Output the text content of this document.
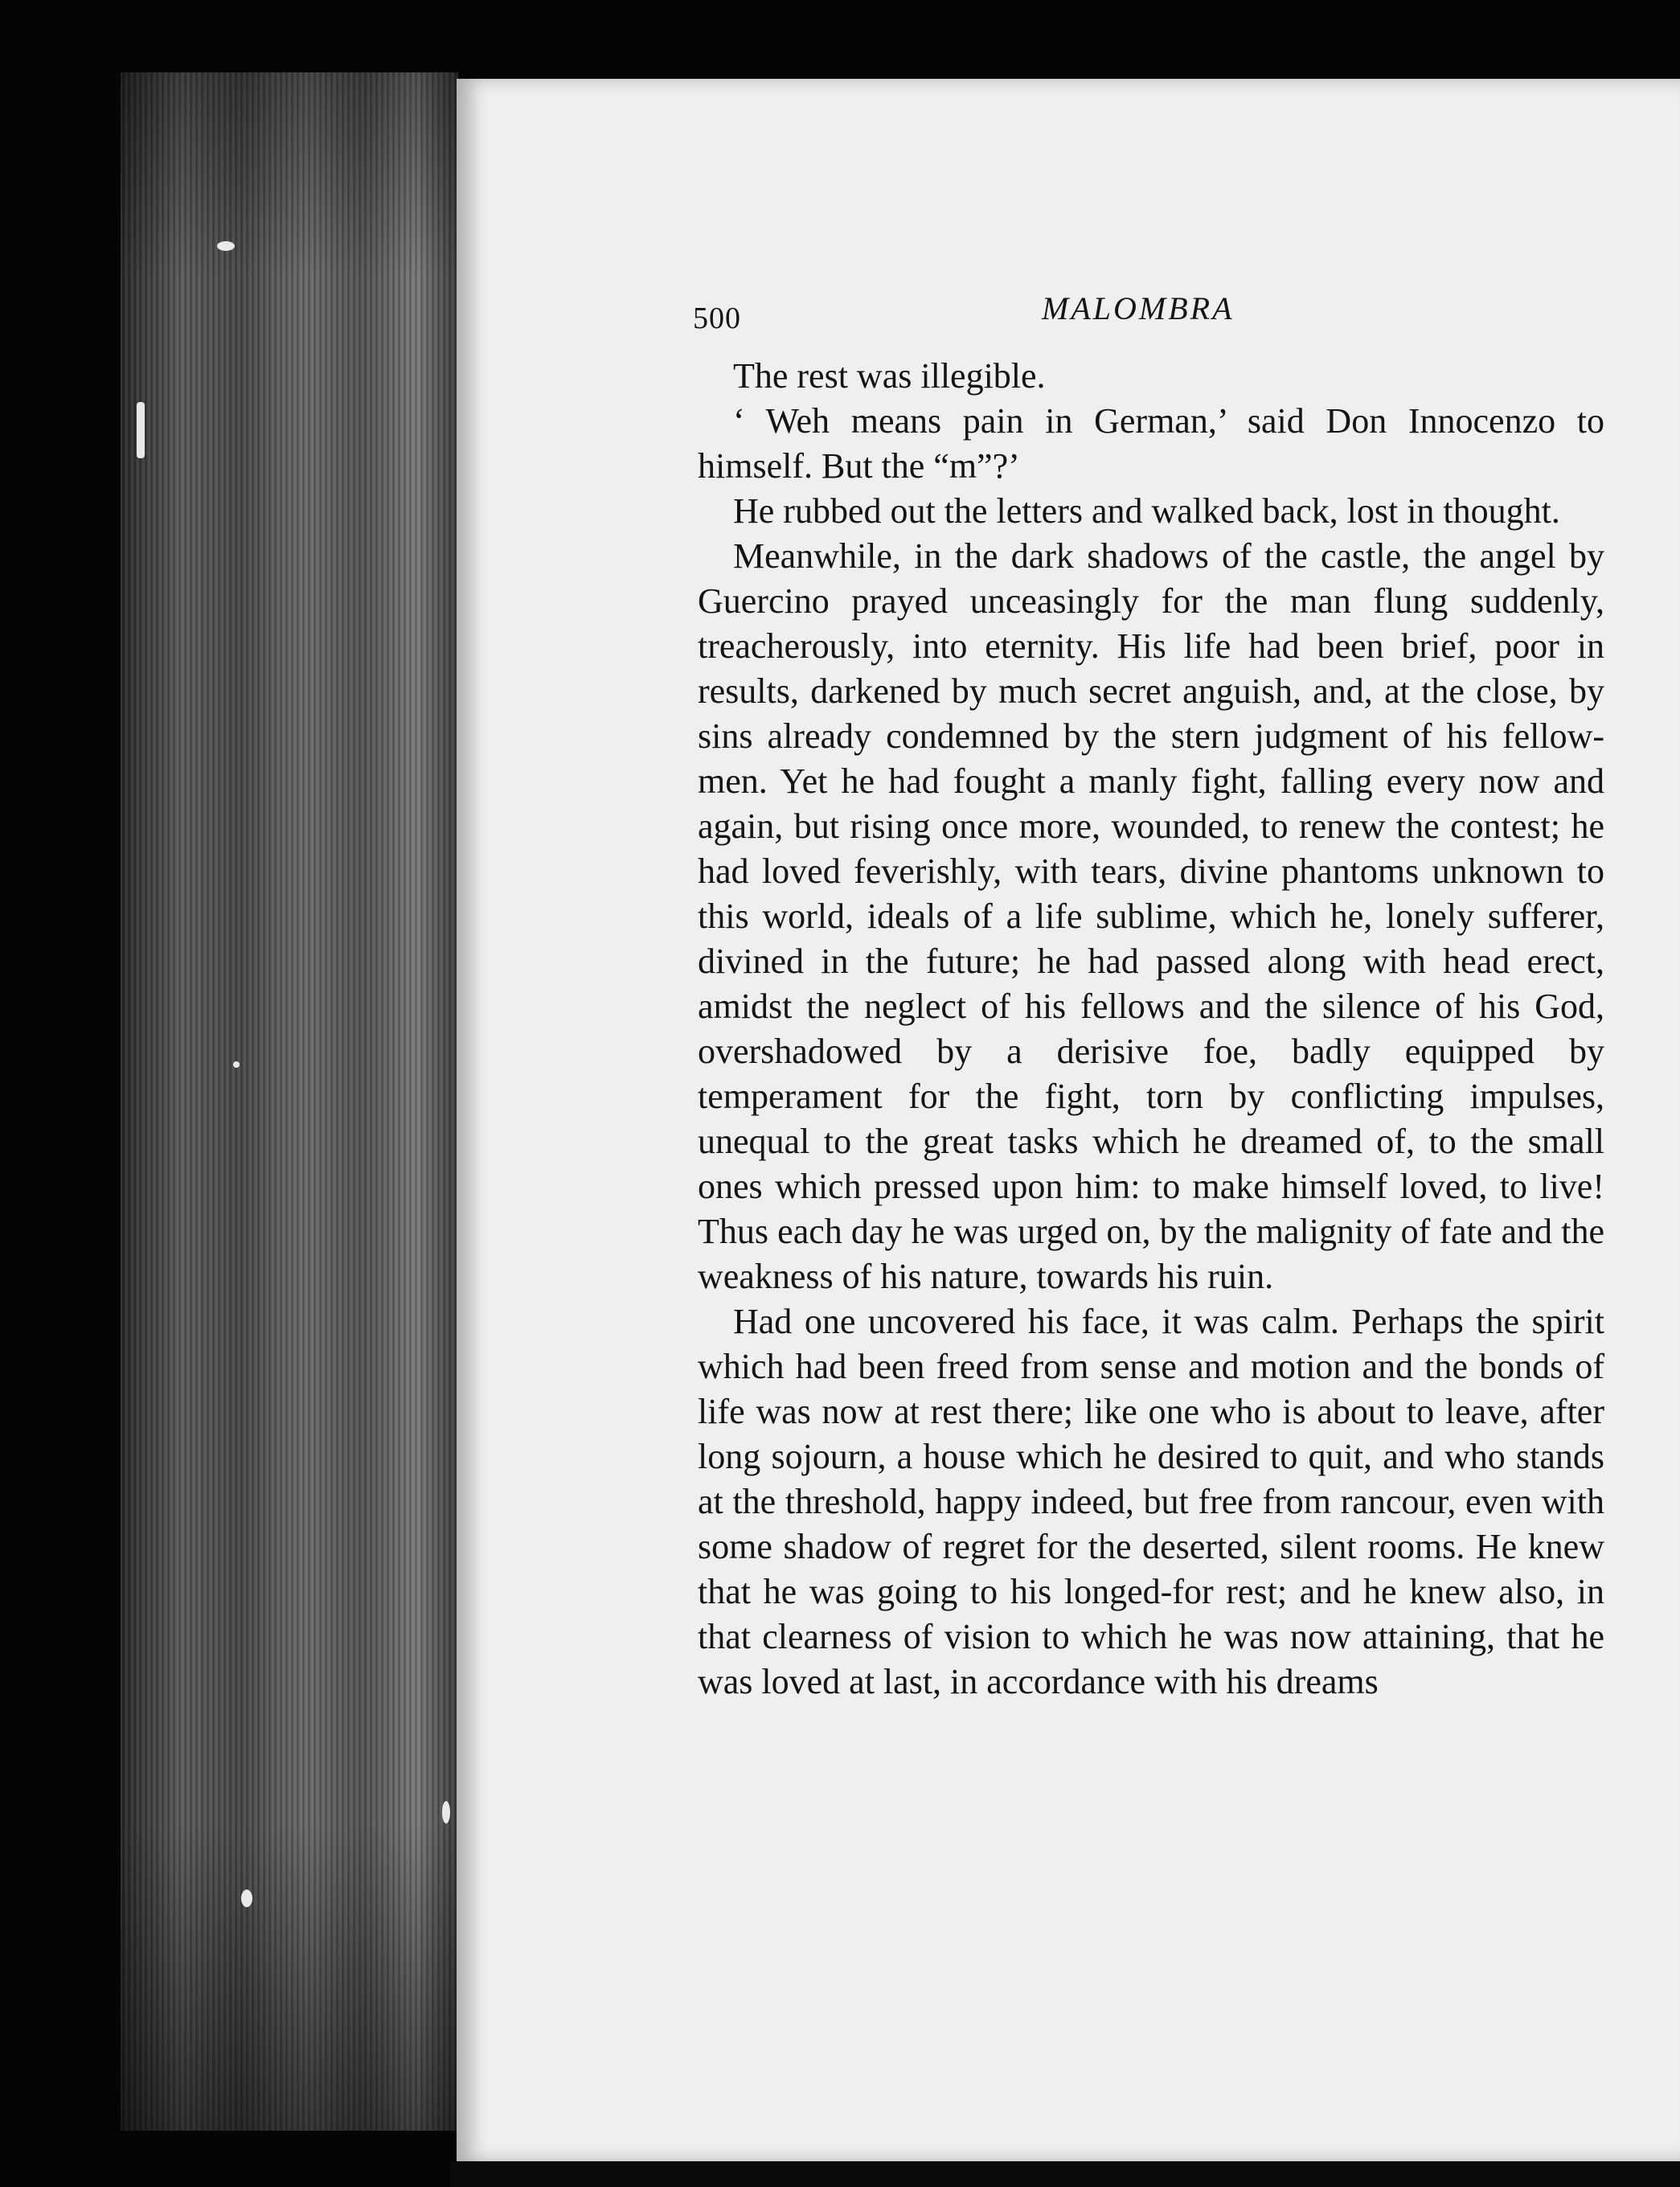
500	MALOMBRA

The rest was illegible.

‘ Weh means pain in German,’ said Don Innocenzo to himself. But the “m”?’

He rubbed out the letters and walked back, lost in thought.

Meanwhile, in the dark shadows of the castle, the angel by Guercino prayed unceasingly for the man flung suddenly, treacherously, into eternity. His life had been brief, poor in results, darkened by much secret anguish, and, at the close, by sins already condemned by the stern judgment of his fellow-men. Yet he had fought a manly fight, falling every now and again, but rising once more, wounded, to renew the contest; he had loved feverishly, with tears, divine phantoms unknown to this world, ideals of a life sublime, which he, lonely sufferer, divined in the future; he had passed along with head erect, amidst the neglect of his fellows and the silence of his God, overshadowed by a derisive foe, badly equipped by temperament for the fight, torn by conflicting impulses, unequal to the great tasks which he dreamed of, to the small ones which pressed upon him: to make himself loved, to live! Thus each day he was urged on, by the malignity of fate and the weakness of his nature, towards his ruin.

Had one uncovered his face, it was calm. Perhaps the spirit which had been freed from sense and motion and the bonds of life was now at rest there; like one who is about to leave, after long sojourn, a house which he desired to quit, and who stands at the threshold, happy indeed, but free from rancour, even with some shadow of regret for the deserted, silent rooms. He knew that he was going to his longed-for rest; and he knew also, in that clearness of vision to which he was now attaining, that he was loved at last, in accordance with his dreams
